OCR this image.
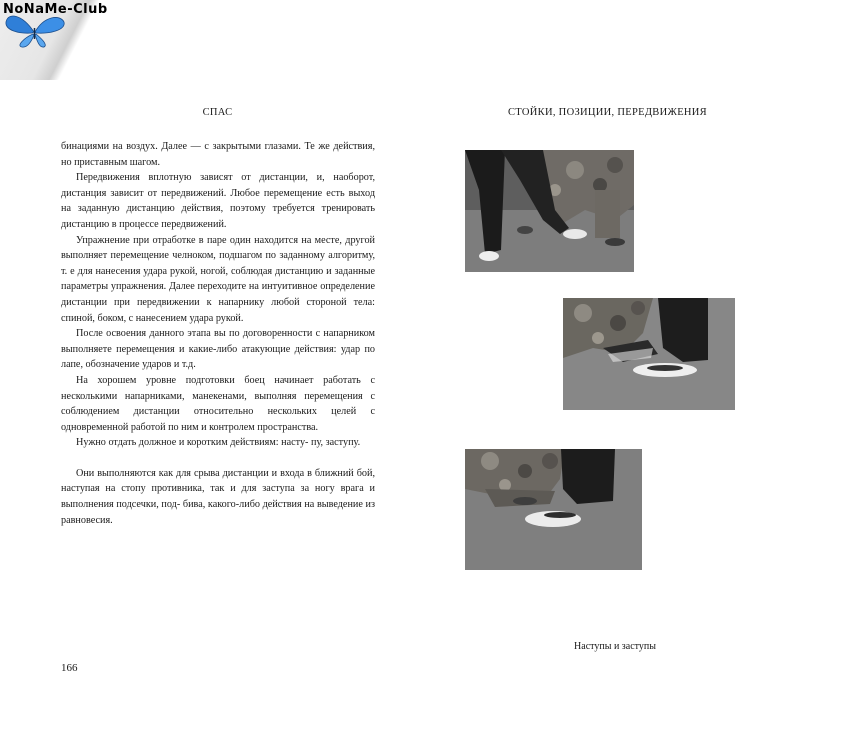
NoNaMe-Club
СПАС	СТОЙКИ, ПОЗИЦИИ, ПЕРЕДВИЖЕНИЯ

бинациями на воздух. Далее — с закрытыми глазами. Те же действия, но приставным шагом.

Передвижения вплотную зависят от дистанции, и, наоборот, дистанция зависит от передвижений. Любое перемещение есть выход на заданную дистанцию действия, поэтому требуется тренировать дистанцию в процессе передвижений.

Упражнение при отработке в паре один находится на месте, другой выполняет перемещение челноком, подшагом по заданному алгоритму, т. е для нанесения удара рукой, ногой, соблюдая дистанцию и заданные параметры упражнения. Далее переходите на интуитивное определение дистанции при передвижении к напарнику любой стороной тела: спиной, боком, с нанесением удара рукой.

После освоения данного этапа вы по договоренности с напарником выполняете перемещения и какие-либо атакующие действия: удар по лапе, обозначение ударов и т.д.

На хорошем уровне подготовки боец начинает работать с несколькими напарниками, манекенами, выполняя перемещения с соблюдением дистанции относительно нескольких целей с одновременной работой по ним и контролем пространства.

Нужно отдать должное и коротким действиям: насту- пу, заступу.

Они выполняются как для срыва дистанции и входа в ближний бой, наступая на стопу противника, так и для заступа за ногу врага и выполнения подсечки, под- бива, какого-либо действия на выведение из равновесия.

166
Наступы и заступы
